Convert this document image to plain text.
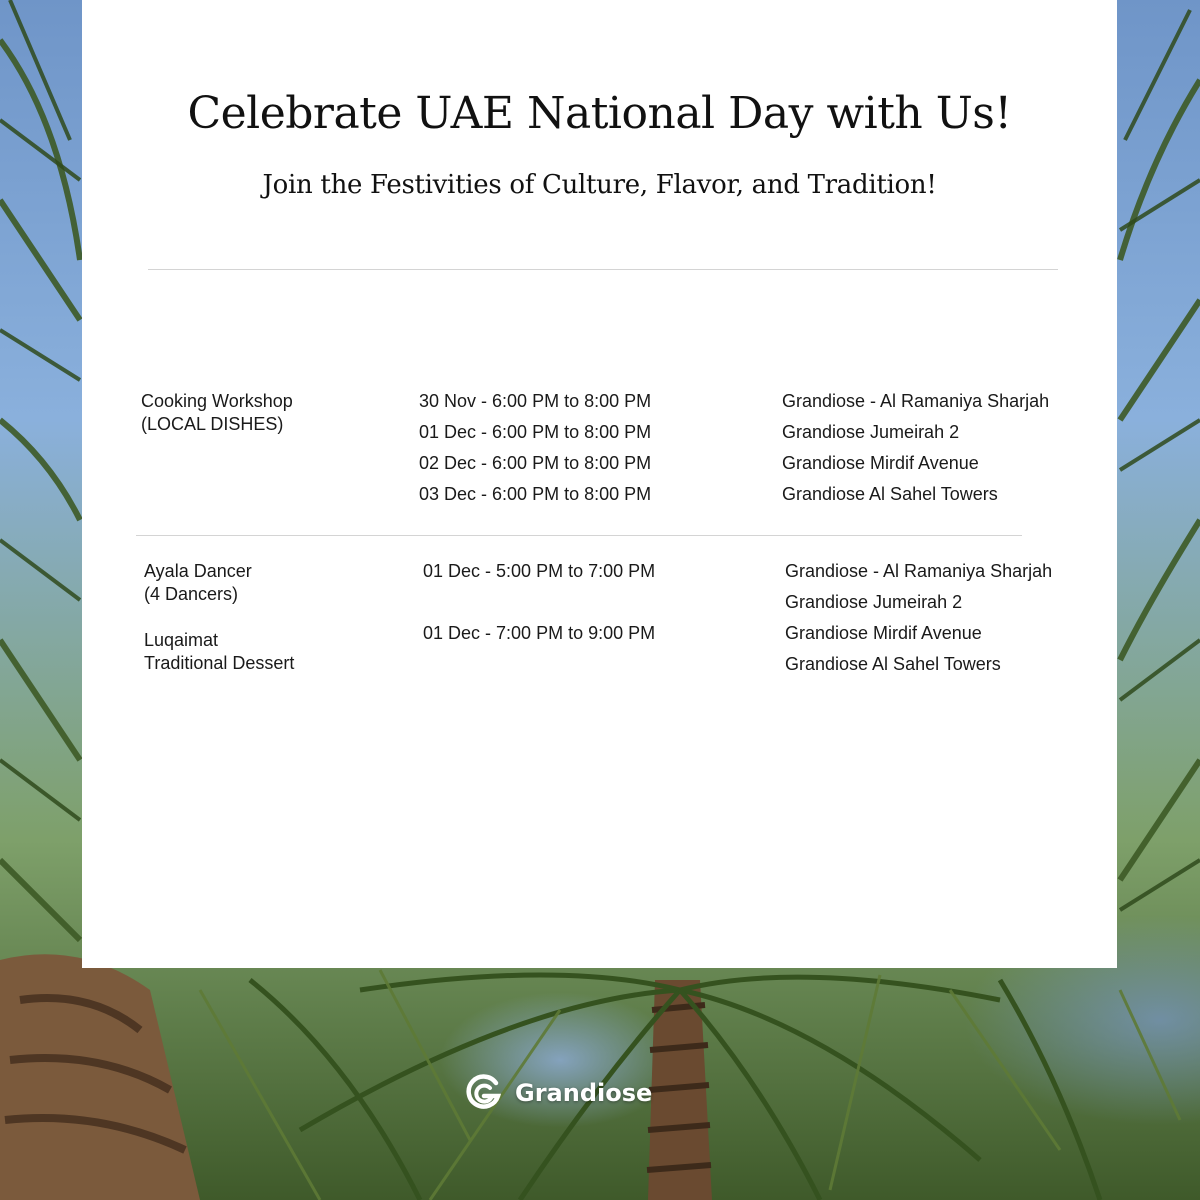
Celebrate UAE National Day with Us!
Join the Festivities of Culture, Flavor, and Tradition!
Cooking Workshop
(LOCAL DISHES)
30 Nov - 6:00 PM to 8:00 PM
01 Dec - 6:00 PM to 8:00 PM
02 Dec - 6:00 PM to 8:00 PM
03 Dec - 6:00 PM to 8:00 PM
Grandiose - Al Ramaniya Sharjah
Grandiose Jumeirah 2
Grandiose Mirdif Avenue
Grandiose Al Sahel Towers
Ayala Dancer
(4 Dancers)
Luqaimat
Traditional Dessert
01 Dec - 5:00 PM to 7:00 PM
01 Dec - 7:00 PM to 9:00 PM
Grandiose - Al Ramaniya Sharjah
Grandiose Jumeirah 2
Grandiose Mirdif Avenue
Grandiose Al Sahel Towers
Grandiose
